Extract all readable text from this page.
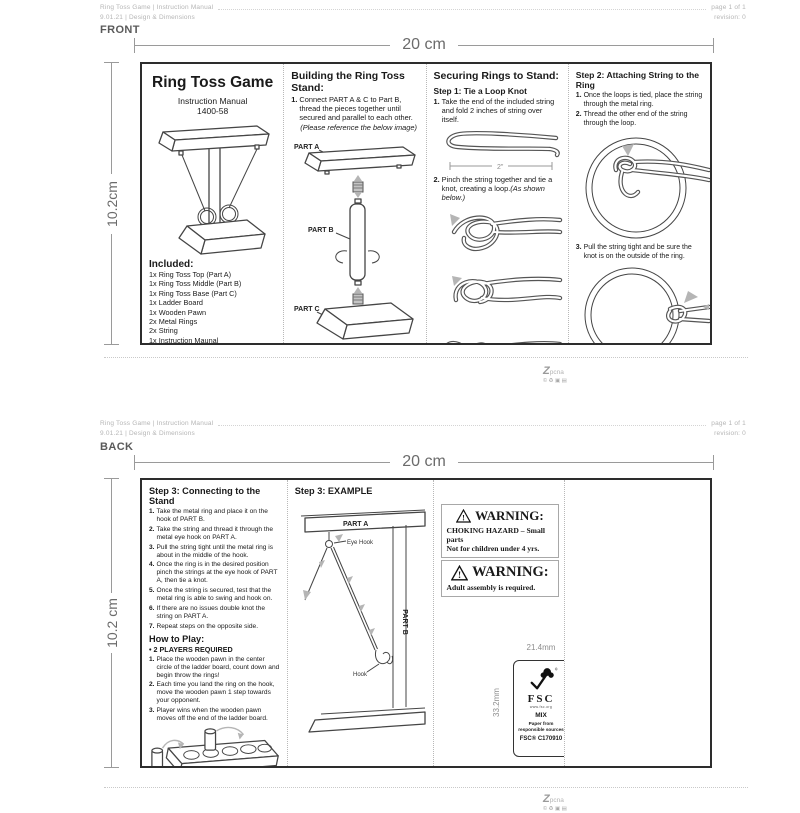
Ring Toss Game | Instruction Manual	page 1 of 1
9.01.21 | Design & Dimensions	revision: 0
FRONT
20 cm
10.2cm
Ring Toss Game
Instruction Manual
1400-58
Included:
1x Ring Toss Top (Part A)
1x Ring Toss Middle (Part B)
1x Ring Toss Base (Part C)
1x Ladder Board
1x Wooden Pawn
2x Metal Rings
2x String
1x Instruction Maunal
Building the Ring Toss Stand:
1. Connect PART A & C to Part B, thread the pieces together until secured and parallel to each other.
(Please reference the below image)
PART A
PART B
PART C
Securing Rings to Stand:
Step 1: Tie a Loop Knot
1. Take the end of the included string and fold 2 inches of string over itself.
2"
2. Pinch the string together and tie a knot, creating a loop.(As shown below.)
Step 2: Attaching String to the Ring
1. Once the loops is tied, place the string through the metal ring.
2. Thread the other end of the string through the loop.
3. Pull the string tight and be sure the knot is on the outside of the ring.
Zpcna
©♻▣▤
Ring Toss Game | Instruction Manual	page 1 of 1
9.01.21 | Design & Dimensions	revision: 0
BACK
20 cm
10.2 cm
Step 3: Connecting to the Stand
1. Take the metal ring and place it on the hook of PART B.
2. Take the string and thread it through the metal eye hook on PART A.
3. Pull the string tight until the metal ring is about in the middle of the hook.
4. Once the ring is in the desired position pinch the strings at the eye hook of PART A, then tie a knot.
5. Once the string is secured, test that the metal ring is able to swing and hook on.
6. If there are no issues double knot the string on PART A.
7. Repeat steps on the opposite side.
How to Play:
• 2 PLAYERS REQUIRED
1. Place the wooden pawn in the center circle of the ladder board, count down and begin throw the rings!
2. Each time you land the ring on the hook, move the wooden pawn 1 step towards your opponent.
3. Player wins when the wooden pawn moves off the end of the ladder board.
Step 3: EXAMPLE
PART A
PART B
Eye Hook
Hook
! WARNING:
CHOKING HAZARD – Small parts
Not for children under 4 yrs.
! WARNING:
Adult assembly is required.
21.4mm
33.2mm
®
FSC
www.fsc.org
MIX
Paper from
responsible sources
FSC® C170910
Zpcna
©♻▣▤
